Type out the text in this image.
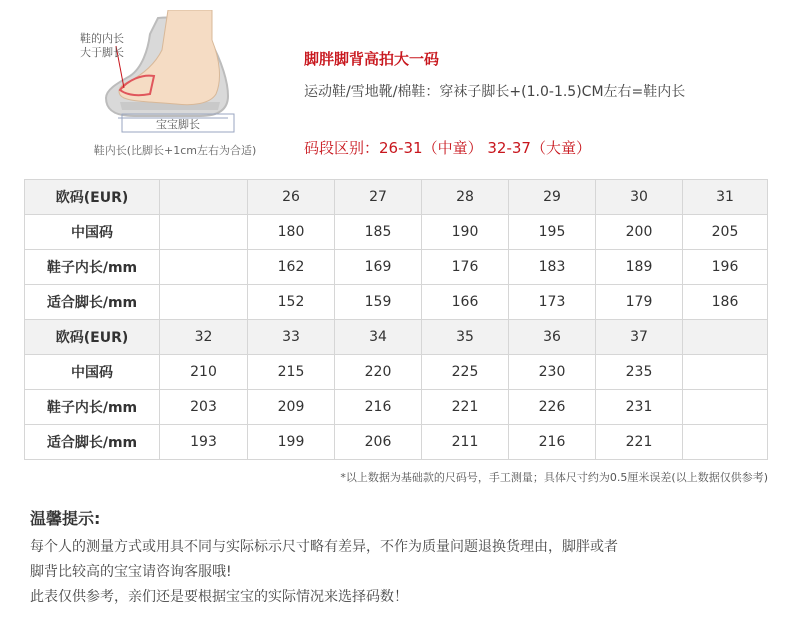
鞋的内长
大于脚长
宝宝脚长
鞋内长(比脚长+1cm左右为合适)
脚胖脚背高拍大一码
运动鞋/雪地靴/棉鞋：穿袜子脚长+(1.0-1.5)CM左右=鞋内长
码段区别：26-31（中童） 32-37（大童）
欧码(EUR)		26	27	28	29	30	31
中国码		180	185	190	195	200	205
鞋子内长/mm		162	169	176	183	189	196
适合脚长/mm		152	159	166	173	179	186
欧码(EUR)	32	33	34	35	36	37	
中国码	210	215	220	225	230	235	
鞋子内长/mm	203	209	216	221	226	231	
适合脚长/mm	193	199	206	211	216	221	
*以上数据为基础款的尺码号，手工测量；具体尺寸约为0.5厘米误差(以上数据仅供参考)
温馨提示:
每个人的测量方式或用具不同与实际标示尺寸略有差异，不作为质量问题退换货理由，脚胖或者
脚背比较高的宝宝请咨询客服哦!
此表仅供参考，亲们还是要根据宝宝的实际情况来选择码数！
